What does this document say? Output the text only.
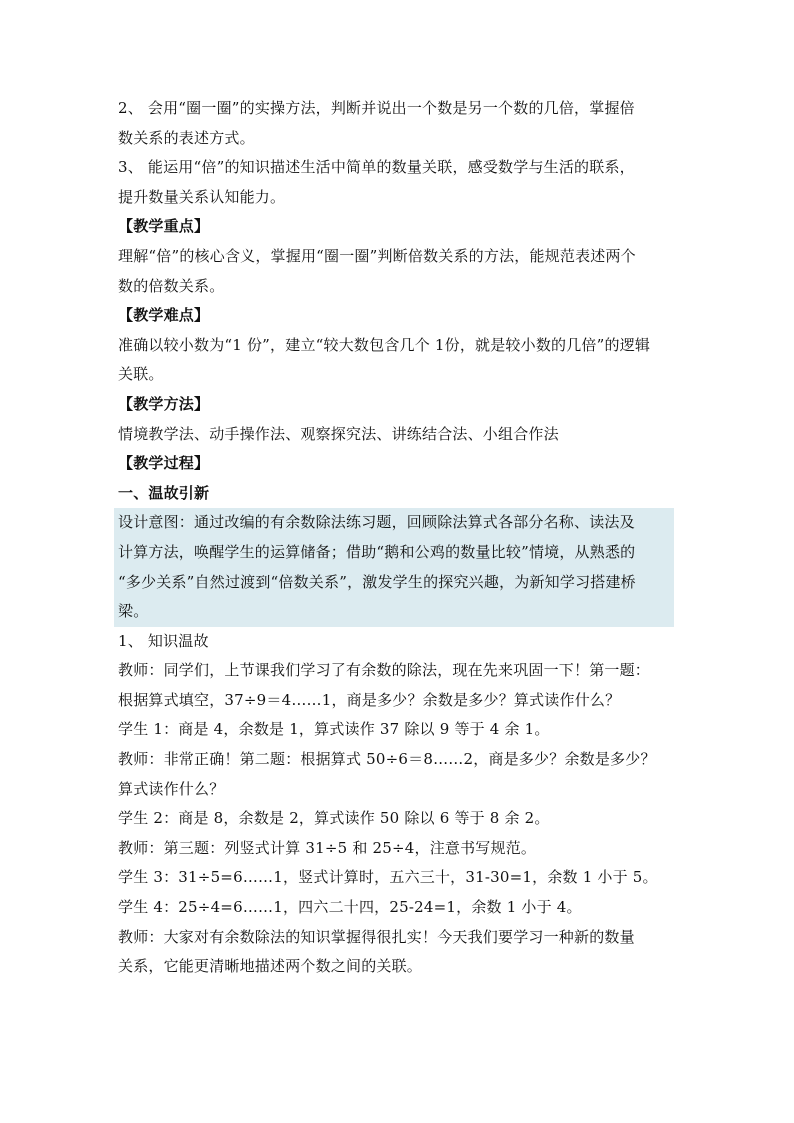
2、 会用“圈一圈”的实操方法，判断并说出一个数是另一个数的几倍，掌握倍
数关系的表述方式。
3、 能运用“倍”的知识描述生活中简单的数量关联，感受数学与生活的联系，
提升数量关系认知能力。
【教学重点】
理解“倍”的核心含义，掌握用“圈一圈”判断倍数关系的方法，能规范表述两个
数的倍数关系。
【教学难点】
准确以较小数为“1 份”，建立“较大数包含几个 1份，就是较小数的几倍”的逻辑
关联。
【教学方法】
情境教学法、动手操作法、观察探究法、讲练结合法、小组合作法
【教学过程】
一、温故引新
设计意图：通过改编的有余数除法练习题，回顾除法算式各部分名称、读法及
计算方法，唤醒学生的运算储备；借助“鹅和公鸡的数量比较”情境，从熟悉的
“多少关系”自然过渡到“倍数关系”，激发学生的探究兴趣，为新知学习搭建桥
梁。
1、 知识温故
教师：同学们，上节课我们学习了有余数的除法，现在先来巩固一下！第一题：
根据算式填空，37÷9＝4……1，商是多少？余数是多少？算式读作什么？
学生 1：商是 4，余数是 1，算式读作 37 除以 9 等于 4 余 1。
教师：非常正确！第二题：根据算式 50÷6＝8……2，商是多少？余数是多少？
算式读作什么？
学生 2：商是 8，余数是 2，算式读作 50 除以 6 等于 8 余 2。
教师：第三题：列竖式计算 31÷5 和 25÷4，注意书写规范。
学生 3：31÷5=6……1，竖式计算时，五六三十，31-30=1，余数 1 小于 5。
学生 4：25÷4=6……1，四六二十四，25-24=1，余数 1 小于 4。
教师：大家对有余数除法的知识掌握得很扎实！今天我们要学习一种新的数量
关系，它能更清晰地描述两个数之间的关联。
